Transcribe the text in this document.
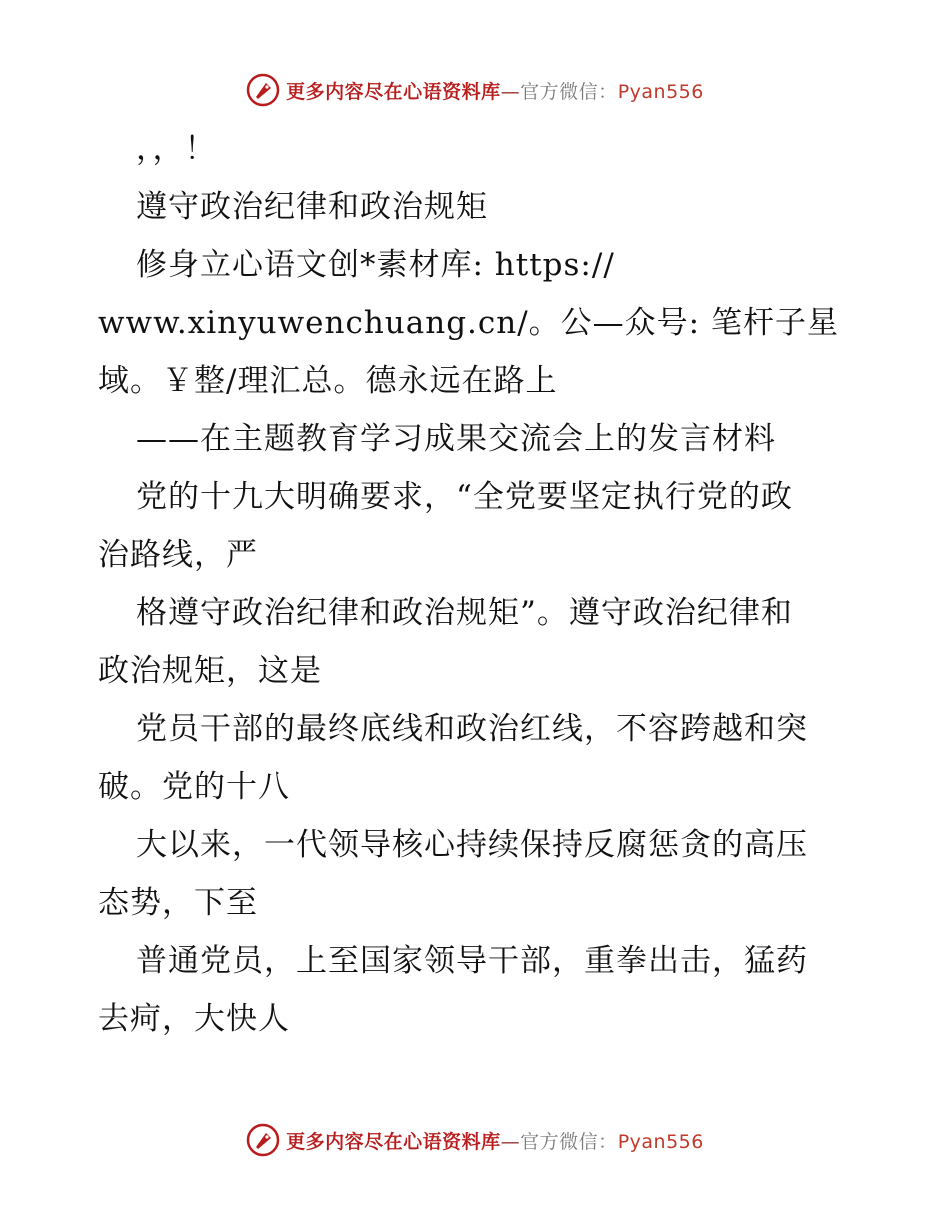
更多内容尽在心语资料库—官方微信：Pyan556
，，！
遵守政治纪律和政治规矩
修身立心语文创*素材库: https://
www.xinyuwenchuang.cn/。公—众号: 笔杆子星
域。￥整/理汇总。德永远在路上
——在主题教育学习成果交流会上的发言材料
党的十九大明确要求，“全党要坚定执行党的政
治路线，严
格遵守政治纪律和政治规矩”。遵守政治纪律和
政治规矩，这是
党员干部的最终底线和政治红线，不容跨越和突
破。党的十八
大以来，一代领导核心持续保持反腐惩贪的高压
态势，下至
普通党员，上至国家领导干部，重拳出击，猛药
去疴，大快人
更多内容尽在心语资料库—官方微信：Pyan556
